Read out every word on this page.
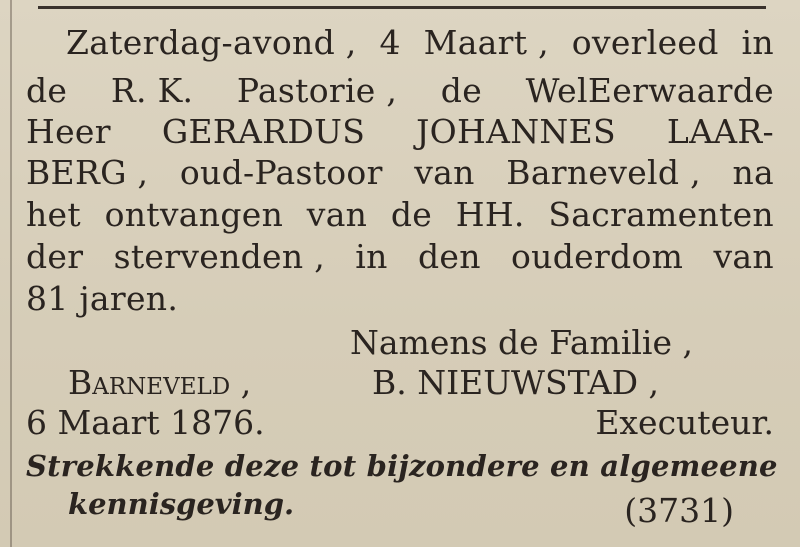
Zaterdag-avond , 4 Maart , overleed in
de R. K. Pastorie , de WelEerwaarde
Heer GERARDUS JOHANNES LAAR-
BERG , oud-Pastoor van Barneveld , na
het ontvangen van de HH. Sacramenten
der stervenden , in den ouderdom van
81 jaren.
Namens de Familie ,
Barneveld ,	B. NIEUWSTAD ,
6 Maart 1876.	Executeur.
Strekkende deze tot bijzondere en algemeene
kennisgeving.	(3731)
